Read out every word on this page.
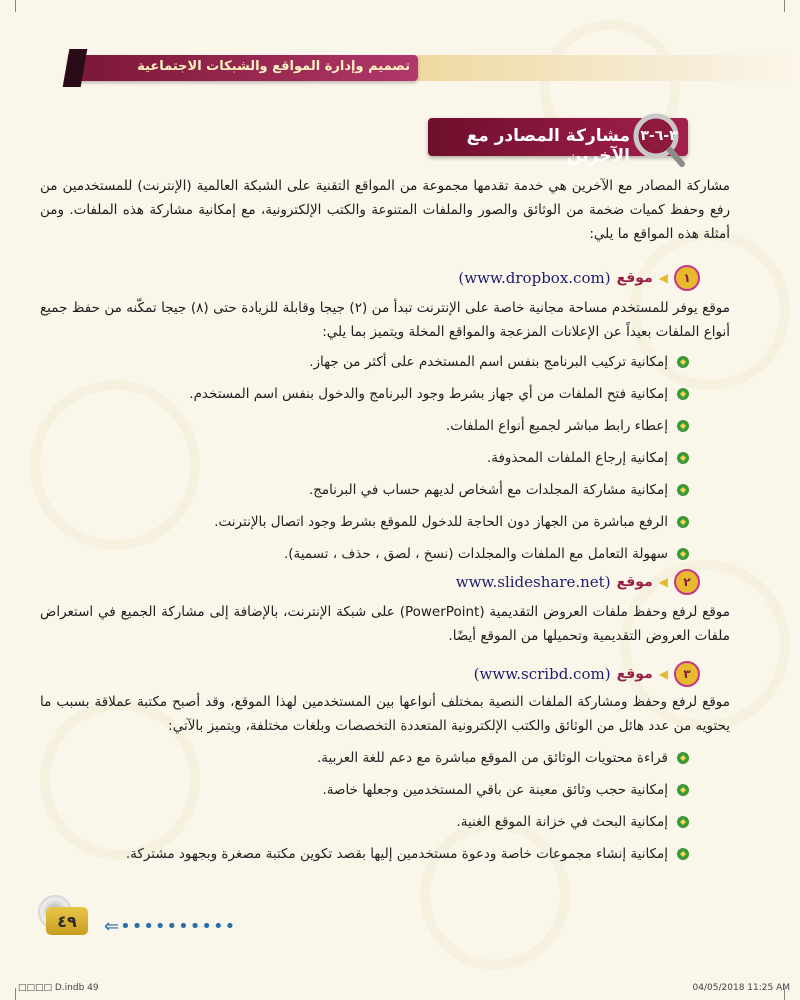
تصميم وإدارة المواقع والشبكات الاجتماعية
مشاركة المصادر مع الآخرين
٣-٦-٣
مشاركة المصادر مع الآخرين هي خدمة تقدمها مجموعة من المواقع التقنية على الشبكة العالمية (الإنترنت) للمستخدمين من رفع وحفظ كميات ضخمة من الوثائق والصور والملفات المتنوعة والكتب الإلكترونية، مع إمكانية مشاركة هذه الملفات. ومن أمثلة هذه المواقع ما يلي:
١
◀
موقع
(www.dropbox.com)
موقع يوفر للمستخدم مساحة مجانية خاصة على الإنترنت تبدأ من (٢) جيجا وقابلة للزيادة حتى (٨) جيجا تمكّنه من حفظ جميع أنواع الملفات بعيداً عن الإعلانات المزعجة والمواقع المخلة ويتميز بما يلي:
إمكانية تركيب البرنامج بنفس اسم المستخدم على أكثر من جهاز.
إمكانية فتح الملفات من أي جهاز بشرط وجود البرنامج والدخول بنفس اسم المستخدم.
إعطاء رابط مباشر لجميع أنواع الملفات.
إمكانية إرجاع الملفات المحذوفة.
إمكانية مشاركة المجلدات مع أشخاص لديهم حساب في البرنامج.
الرفع مباشرة من الجهاز دون الحاجة للدخول للموقع بشرط وجود اتصال بالإنترنت.
سهولة التعامل مع الملفات والمجلدات (نسخ ، لصق ، حذف ، تسمية).
٢
◀
موقع
(www.slideshare.net
موقع لرفع وحفظ ملفات العروض التقديمية (PowerPoint) على شبكة الإنترنت، بالإضافة إلى مشاركة الجميع في استعراض ملفات العروض التقديمية وتحميلها من الموقع أيضًا.
٣
◀
موقع
(www.scribd.com)
موقع لرفع وحفظ ومشاركة الملفات النصية بمختلف أنواعها بين المستخدمين لهذا الموقع، وقد أصبح مكتبة عملاقة بسبب ما يحتويه من عدد هائل من الوثائق والكتب الإلكترونية المتعددة التخصصات وبلغات مختلفة، ويتميز بالآتي:
قراءة محتويات الوثائق من الموقع مباشرة مع دعم للغة العربية.
إمكانية حجب وثائق معينة عن باقي المستخدمين وجعلها خاصة.
إمكانية البحث في خزانة الموقع الغنية.
إمكانية إنشاء مجموعات خاصة ودعوة مستخدمين إليها بقصد تكوين مكتبة مصغرة وبجهود مشتركة.
٤٩	⇐••••••••••
□□□□ D.indb 49	04/05/2018 11:25 AM
